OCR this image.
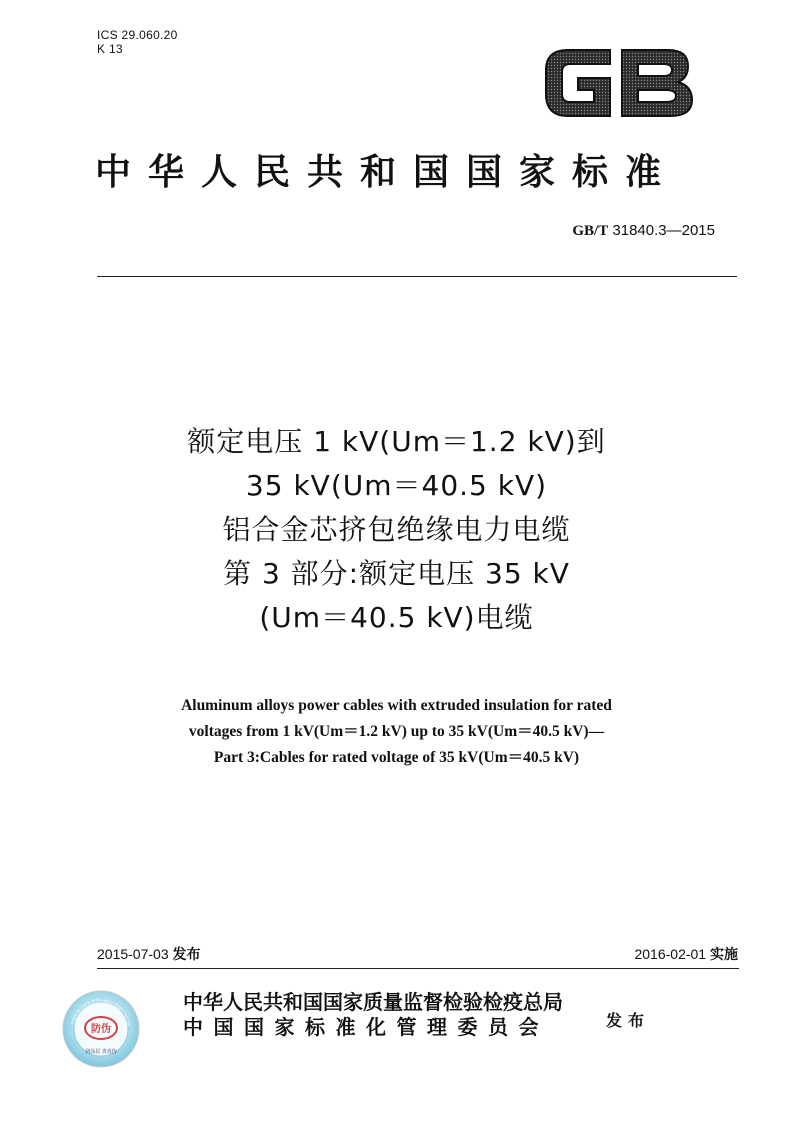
ICS 29.060.20
K 13
GB
中华人民共和国国家标准
GB/T 31840.3—2015
额定电压 1 kV(Um＝1.2 kV)到
35 kV(Um＝40.5 kV)
铝合金芯挤包绝缘电力电缆
第 3 部分:额定电压 35 kV
(Um＝40.5 kV)电缆
Aluminum alloys power cables with extruded insulation for rated
voltages from 1 kV(Um＝1.2 kV) up to 35 kV(Um＝40.5 kV)—
Part 3:Cables for rated voltage of 35 kV(Um＝40.5 kV)
2015-07-03 发布	2016-02-01 实施
防伪
刮涂层 查真伪
中国标准出版社防伪 cdeuc@spc.net.cn
中华人民共和国国家质量监督检验检疫总局
中国国家标准化管理委员会	发布
